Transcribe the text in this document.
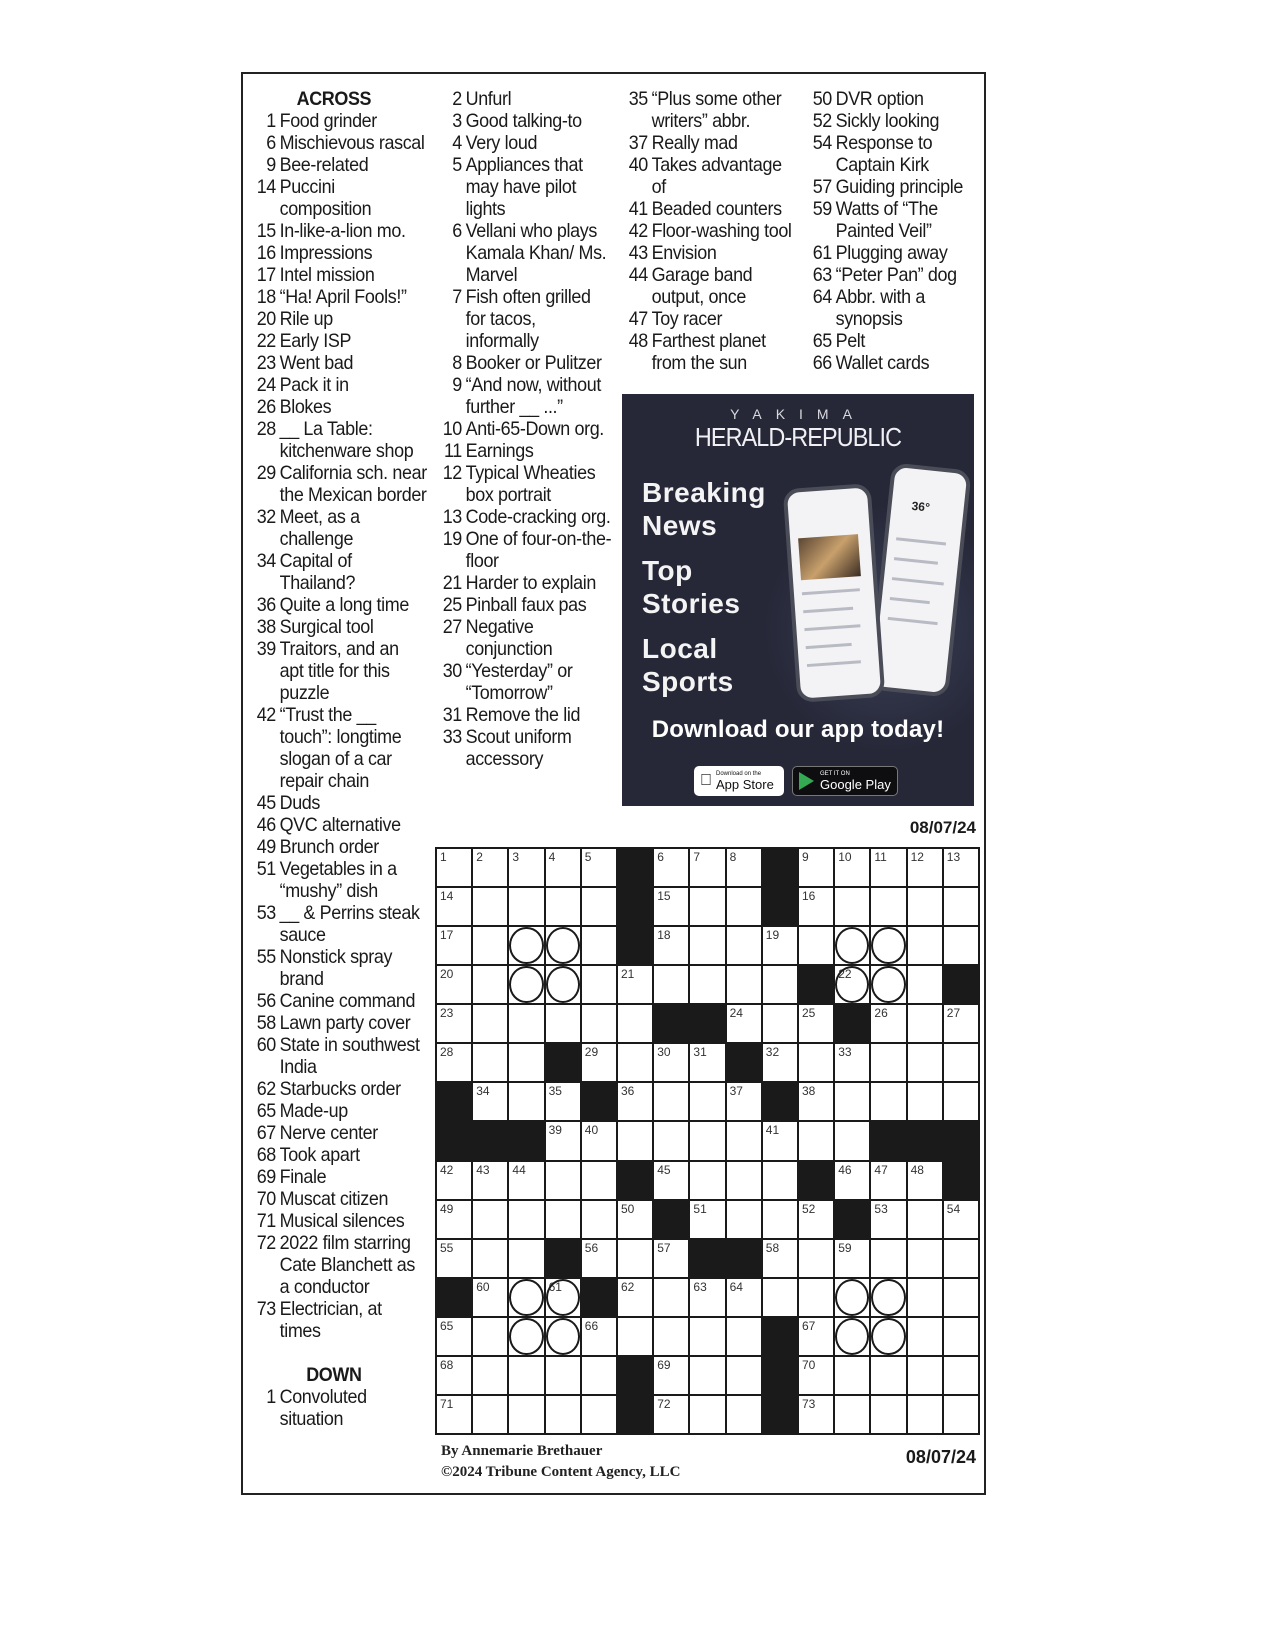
ACROSS
1 Food grinder
6 Mischievous rascal
9 Bee-related
14 Puccini composition
15 In-like-a-lion mo.
16 Impressions
17 Intel mission
18 “Ha! April Fools!”
20 Rile up
22 Early ISP
23 Went bad
24 Pack it in
26 Blokes
28 __ La Table: kitchenware shop
29 California sch. near the Mexican border
32 Meet, as a challenge
34 Capital of Thailand?
36 Quite a long time
38 Surgical tool
39 Traitors, and an apt title for this puzzle
42 “Trust the __ touch”: longtime slogan of a car repair chain
45 Duds
46 QVC alternative
49 Brunch order
51 Vegetables in a “mushy” dish
53 __ & Perrins steak sauce
55 Nonstick spray brand
56 Canine command
58 Lawn party cover
60 State in southwest India
62 Starbucks order
65 Made-up
67 Nerve center
68 Took apart
69 Finale
70 Muscat citizen
71 Musical silences
72 2022 film starring Cate Blanchett as a conductor
73 Electrician, at times
DOWN
1 Convoluted situation
2 Unfurl
3 Good talking-to
4 Very loud
5 Appliances that may have pilot lights
6 Vellani who plays Kamala Khan/ Ms. Marvel
7 Fish often grilled for tacos, informally
8 Booker or Pulitzer
9 “And now, without further __ ...”
10 Anti-65-Down org.
11 Earnings
12 Typical Wheaties box portrait
13 Code-cracking org.
19 One of four-on-the-floor
21 Harder to explain
25 Pinball faux pas
27 Negative conjunction
30 “Yesterday” or “Tomorrow”
31 Remove the lid
33 Scout uniform accessory
35 “Plus some other writers” abbr.
37 Really mad
40 Takes advantage of
41 Beaded counters
42 Floor-washing tool
43 Envision
44 Garage band output, once
47 Toy racer
48 Farthest planet from the sun
50 DVR option
52 Sickly looking
54 Response to Captain Kirk
57 Guiding principle
59 Watts of “The Painted Veil”
61 Plugging away
63 “Peter Pan” dog
64 Abbr. with a synopsis
65 Pelt
66 Wallet cards
YAKIMA
HERALD-REPUBLIC
Breaking
News
Top
Stories
Local
Sports
36°
Download our app today!
Download on the
App Store
GET IT ON
Google Play
08/07/24
1 2 3 4 5	6 7 8	9 10 11 12 13
14	15	16
17	18	19
20	21	22
23	24	25	26	27
28	29	30 31	32	33
34	35	36	37	38
39 40	41
42 43 44	45	46 47 48
49	50	51	52	53	54
55	56	57	58	59
60	61	62	63 64
65	66	67
68	69	70
71	72	73
By Annemarie Brethauer
©2024 Tribune Content Agency, LLC
08/07/24
